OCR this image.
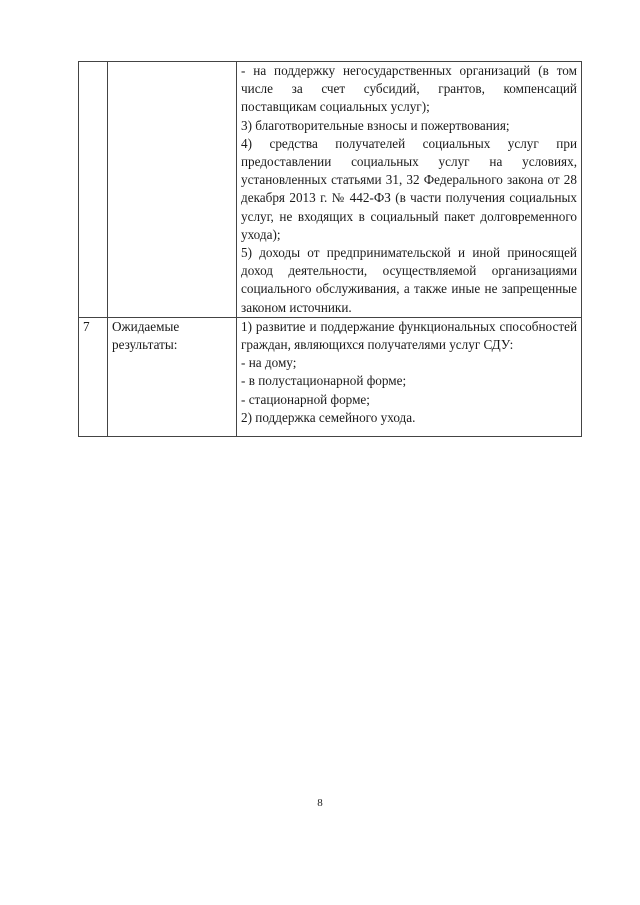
		- на поддержку негосударственных организаций (в том числе за счет субсидий, грантов, компенсаций поставщикам социальных услуг);

3) благотворительные взносы и пожертвования;

4) средства получателей социальных услуг при предоставлении социальных услуг на условиях, установленных статьями 31, 32 Федерального закона от 28 декабря 2013 г. № 442-ФЗ (в части получения социальных услуг, не входящих в социальный пакет долговременного ухода);

5) доходы от предпринимательской и иной приносящей доход деятельности, осуществляемой организациями социального обслуживания, а также иные не запрещенные законом источники.

7	Ожидаемые результаты:	1) развитие и поддержание функциональных способностей граждан, являющихся получателями услуг СДУ:

- на дому;

- в полустационарной форме;

- стационарной форме;

2) поддержка семейного ухода.

8
